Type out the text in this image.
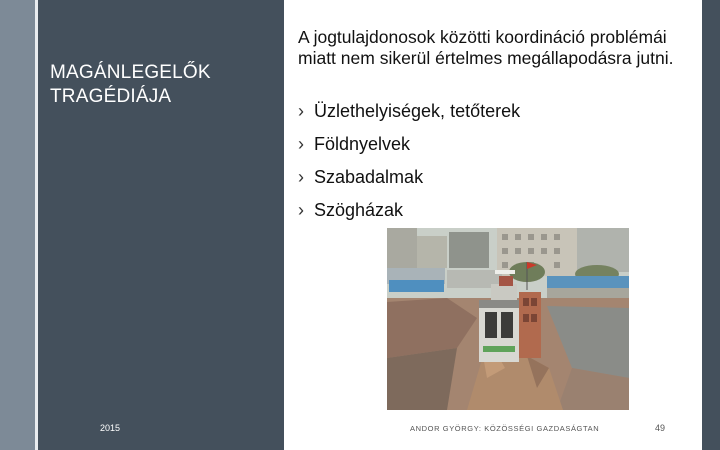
MAGÁNLEGELŐK
TRAGÉDIÁJA
2015
A jogtulajdonosok közötti koordináció problémái miatt nem sikerül értelmes megállapodásra jutni.
› Üzlethelyiségek, tetőterek
› Földnyelvek
› Szabadalmak
› Szögházak
ANDOR GYÖRGY: KÖZÖSSÉGI GAZDASÁGTAN	49
